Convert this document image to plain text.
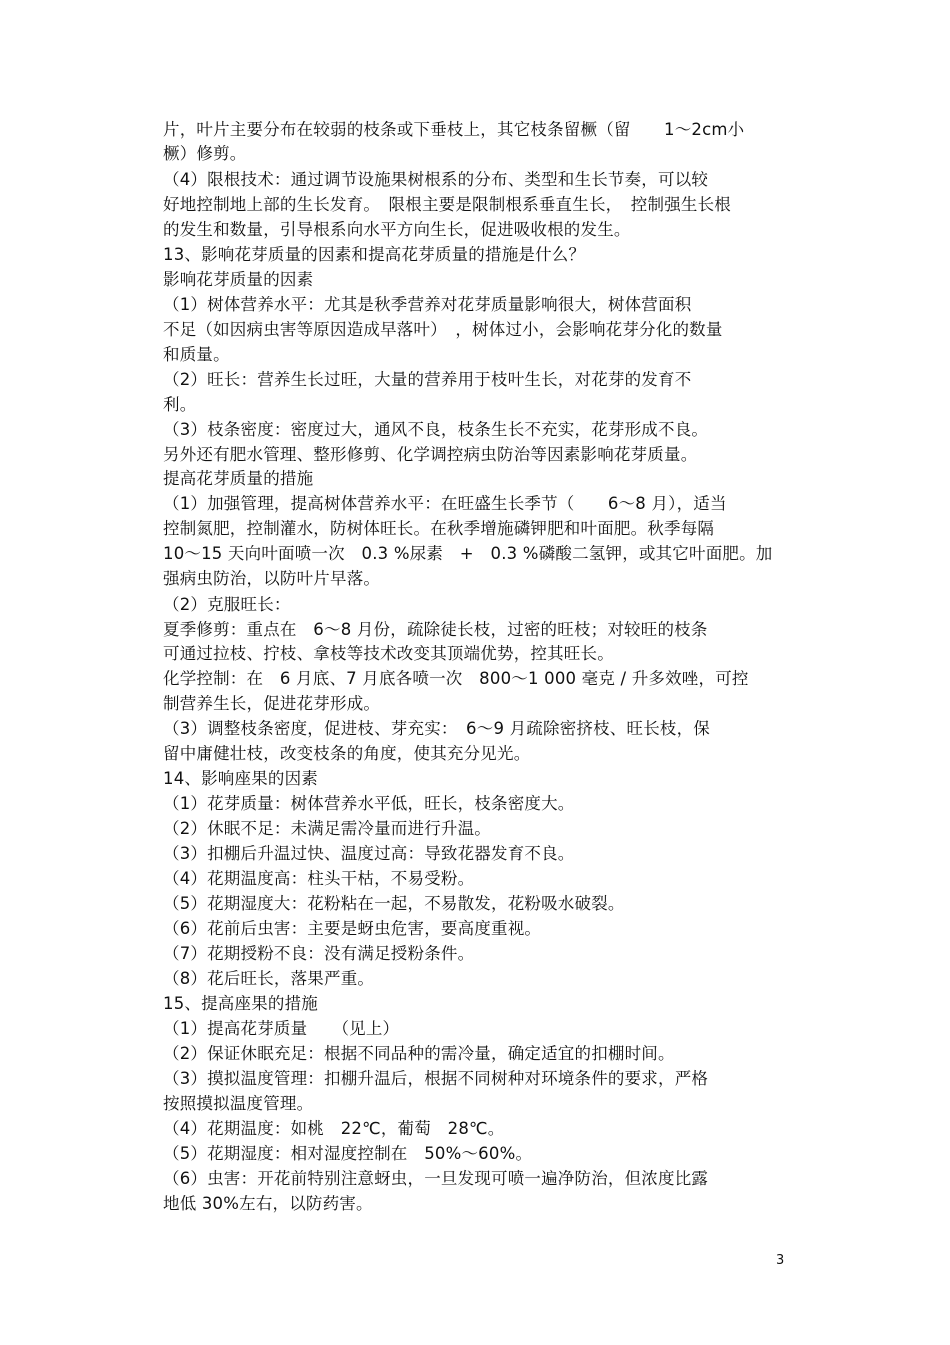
片，叶片主要分布在较弱的枝条或下垂枝上，其它枝条留橛（留　　1～2cm小
橛）修剪。
（4）限根技术：通过调节设施果树根系的分布、类型和生长节奏，可以较
好地控制地上部的生长发育。　限根主要是限制根系垂直生长，　控制强生长根
的发生和数量，引导根系向水平方向生长，促进吸收根的发生。
13、影响花芽质量的因素和提高花芽质量的措施是什么？
影响花芽质量的因素
（1）树体营养水平：尤其是秋季营养对花芽质量影响很大，树体营面积
不足（如因病虫害等原因造成早落叶）　，树体过小，会影响花芽分化的数量
和质量。
（2）旺长：营养生长过旺，大量的营养用于枝叶生长，对花芽的发育不
利。
（3）枝条密度：密度过大，通风不良，枝条生长不充实，花芽形成不良。
另外还有肥水管理、整形修剪、化学调控病虫防治等因素影响花芽质量。
提高花芽质量的措施
（1）加强管理，提高树体营养水平：在旺盛生长季节（　　6～8 月），适当
控制氮肥，控制灌水，防树体旺长。在秋季增施磷钾肥和叶面肥。秋季每隔
10～15 天向叶面喷一次　0.3 %尿素　+　0.3 %磷酸二氢钾，或其它叶面肥。加
强病虫防治，以防叶片早落。
（2）克服旺长：
夏季修剪：重点在　6～8 月份，疏除徒长枝，过密的旺枝；对较旺的枝条
可通过拉枝、拧枝、拿枝等技术改变其顶端优势，控其旺长。
化学控制：在　6 月底、7 月底各喷一次　800～1 000 毫克 / 升多效唑，可控
制营养生长，促进花芽形成。
（3）调整枝条密度，促进枝、芽充实：　6～9 月疏除密挤枝、旺长枝，保
留中庸健壮枝，改变枝条的角度，使其充分见光。
14、影响座果的因素
（1）花芽质量：树体营养水平低，旺长，枝条密度大。
（2）休眠不足：未满足需冷量而进行升温。
（3）扣棚后升温过快、温度过高：导致花器发育不良。
（4）花期温度高：柱头干枯，不易受粉。
（5）花期湿度大：花粉粘在一起，不易散发，花粉吸水破裂。
（6）花前后虫害：主要是蚜虫危害，要高度重视。
（7）花期授粉不良：没有满足授粉条件。
（8）花后旺长，落果严重。
15、提高座果的措施
（1）提高花芽质量　　（见上）
（2）保证休眠充足：根据不同品种的需冷量，确定适宜的扣棚时间。
（3）摸拟温度管理：扣棚升温后，根据不同树种对环境条件的要求，严格
按照摸拟温度管理。
（4）花期温度：如桃　22℃，葡萄　28℃。
（5）花期湿度：相对湿度控制在　50%～60%。
（6）虫害：开花前特别注意蚜虫，一旦发现可喷一遍净防治，但浓度比露
地低 30%左右，以防药害。
3
